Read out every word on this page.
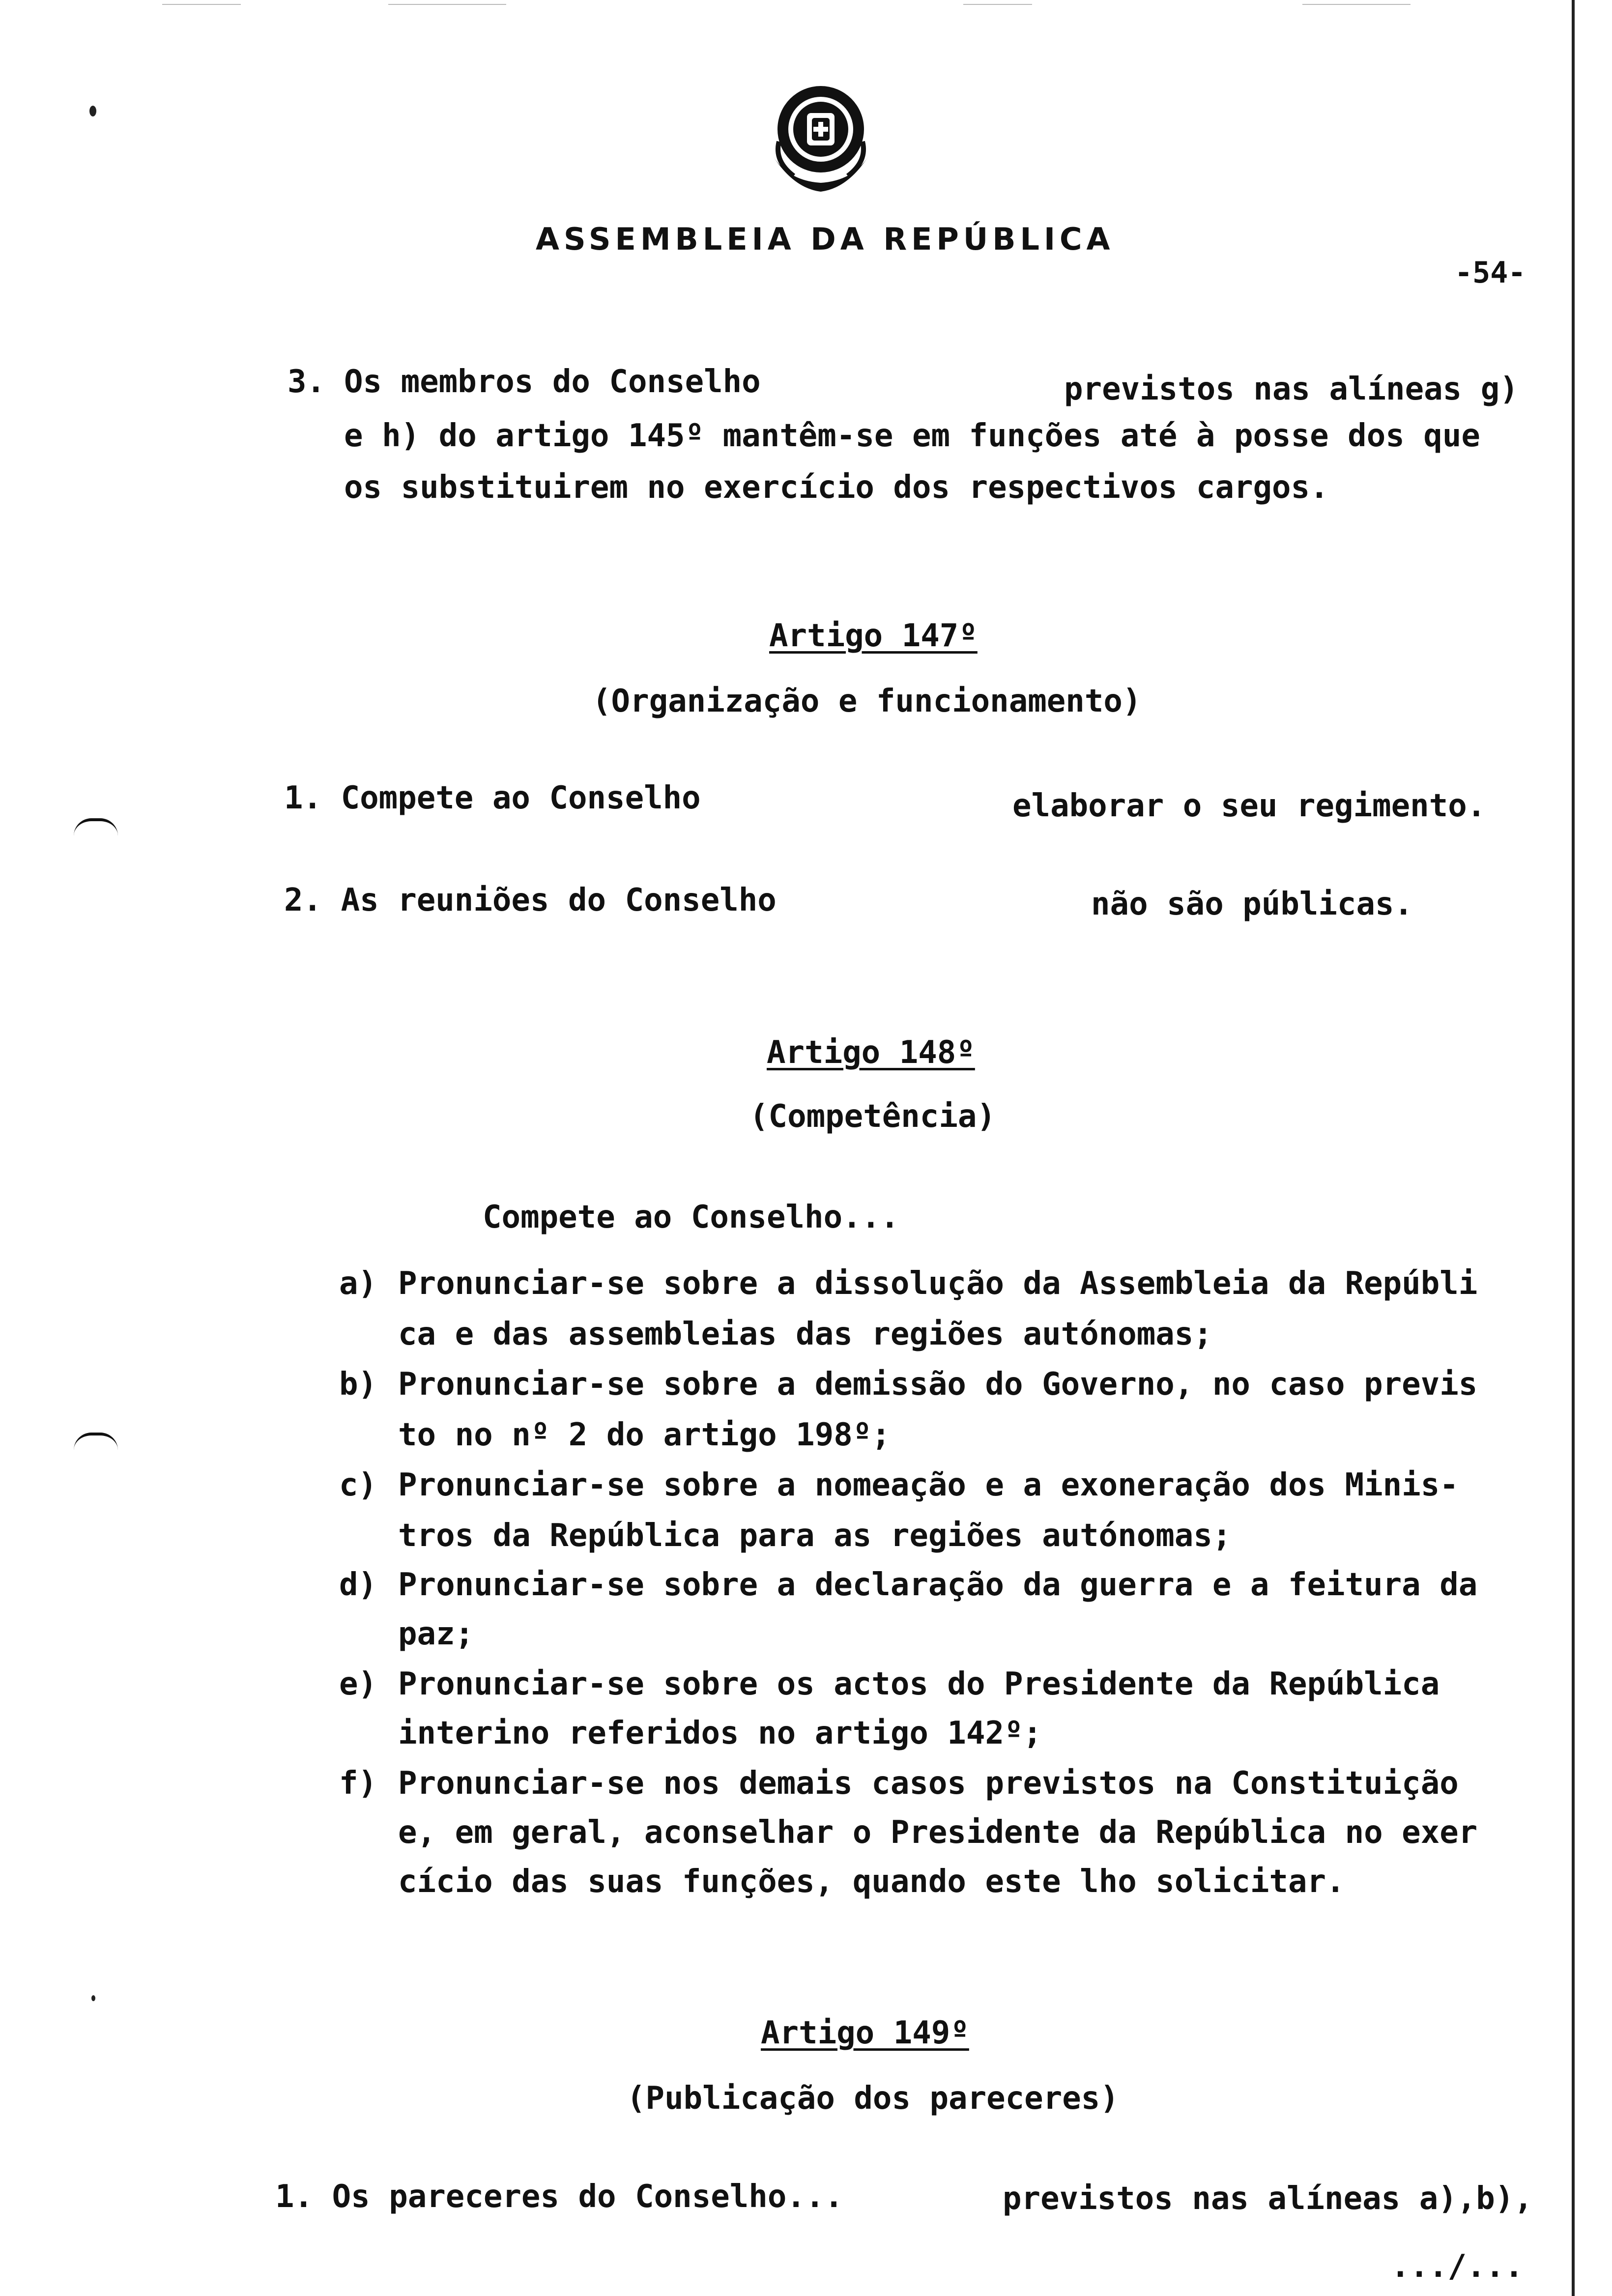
ASSEMBLEIA DA REPÚBLICA
-54-
3. Os membros do Conselho	previstos nas alíneas g)
e h) do artigo 145º mantêm-se em funções até à posse dos que
os substituirem no exercício dos respectivos cargos.
Artigo 147º
(Organização e funcionamento)
1. Compete ao Conselho	elaborar o seu regimento.
2. As reuniões do Conselho	não são públicas.
Artigo 148º
(Competência)
Compete ao Conselho...
a) Pronunciar-se sobre a dissolução da Assembleia da Repúbli
ca e das assembleias das regiões autónomas;
b) Pronunciar-se sobre a demissão do Governo, no caso previs
to no nº 2 do artigo 198º;
c) Pronunciar-se sobre a nomeação e a exoneração dos Minis-
tros da República para as regiões autónomas;
d) Pronunciar-se sobre a declaração da guerra e a feitura da
paz;
e) Pronunciar-se sobre os actos do Presidente da República
interino referidos no artigo 142º;
f) Pronunciar-se nos demais casos previstos na Constituição
e, em geral, aconselhar o Presidente da República no exer
cício das suas funções, quando este lho solicitar.
Artigo 149º
(Publicação dos pareceres)
1. Os pareceres do Conselho...	previstos nas alíneas a),b),
.../...
